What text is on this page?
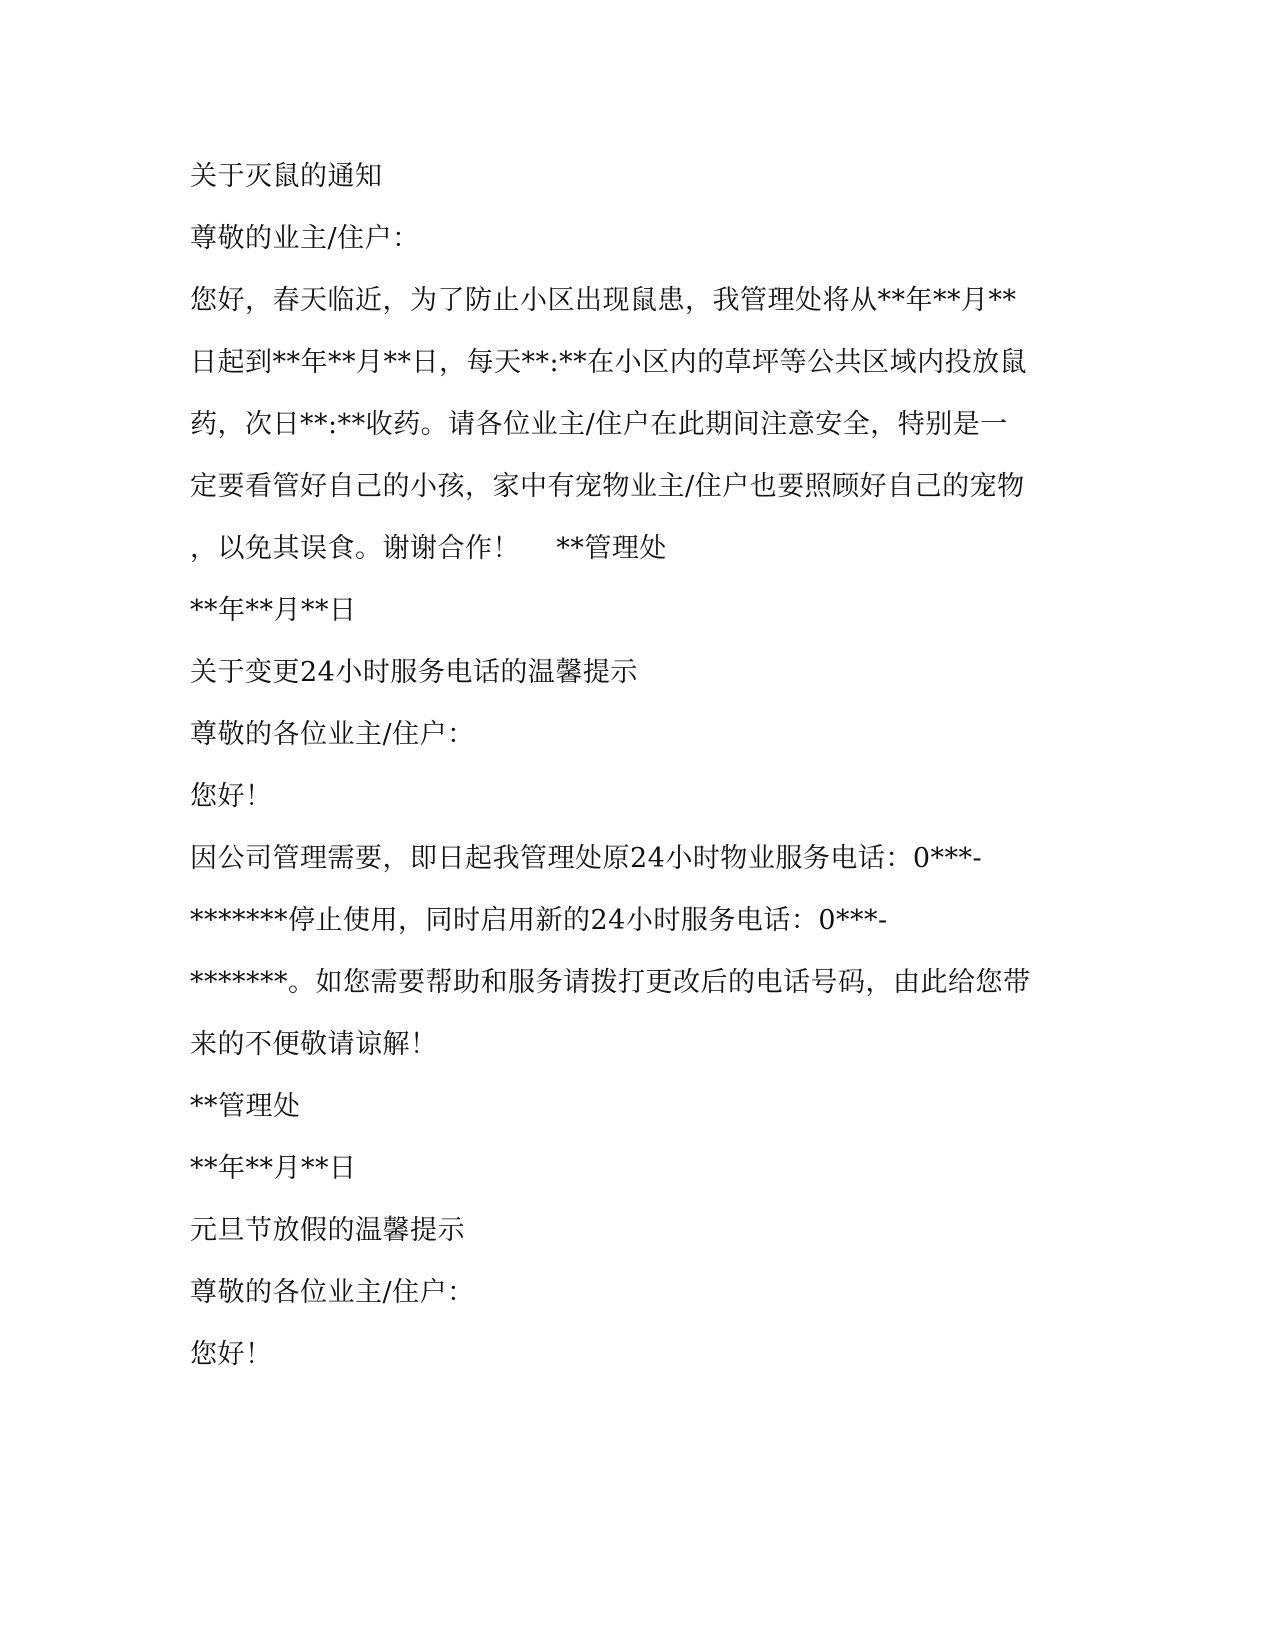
关于灭鼠的通知
尊敬的业主/住户：
您好，春天临近，为了防止小区出现鼠患，我管理处将从**年**月**
日起到**年**月**日，每天**:**在小区内的草坪等公共区域内投放鼠
药，次日**:**收药。请各位业主/住户在此期间注意安全，特别是一
定要看管好自己的小孩，家中有宠物业主/住户也要照顾好自己的宠物
，以免其误食。谢谢合作！    **管理处
**年**月**日
关于变更24小时服务电话的温馨提示
尊敬的各位业主/住户：
您好！
因公司管理需要，即日起我管理处原24小时物业服务电话：0***-
*******停止使用，同时启用新的24小时服务电话：0***-
*******。如您需要帮助和服务请拨打更改后的电话号码，由此给您带
来的不便敬请谅解！
**管理处
**年**月**日
元旦节放假的温馨提示
尊敬的各位业主/住户：
您好！
